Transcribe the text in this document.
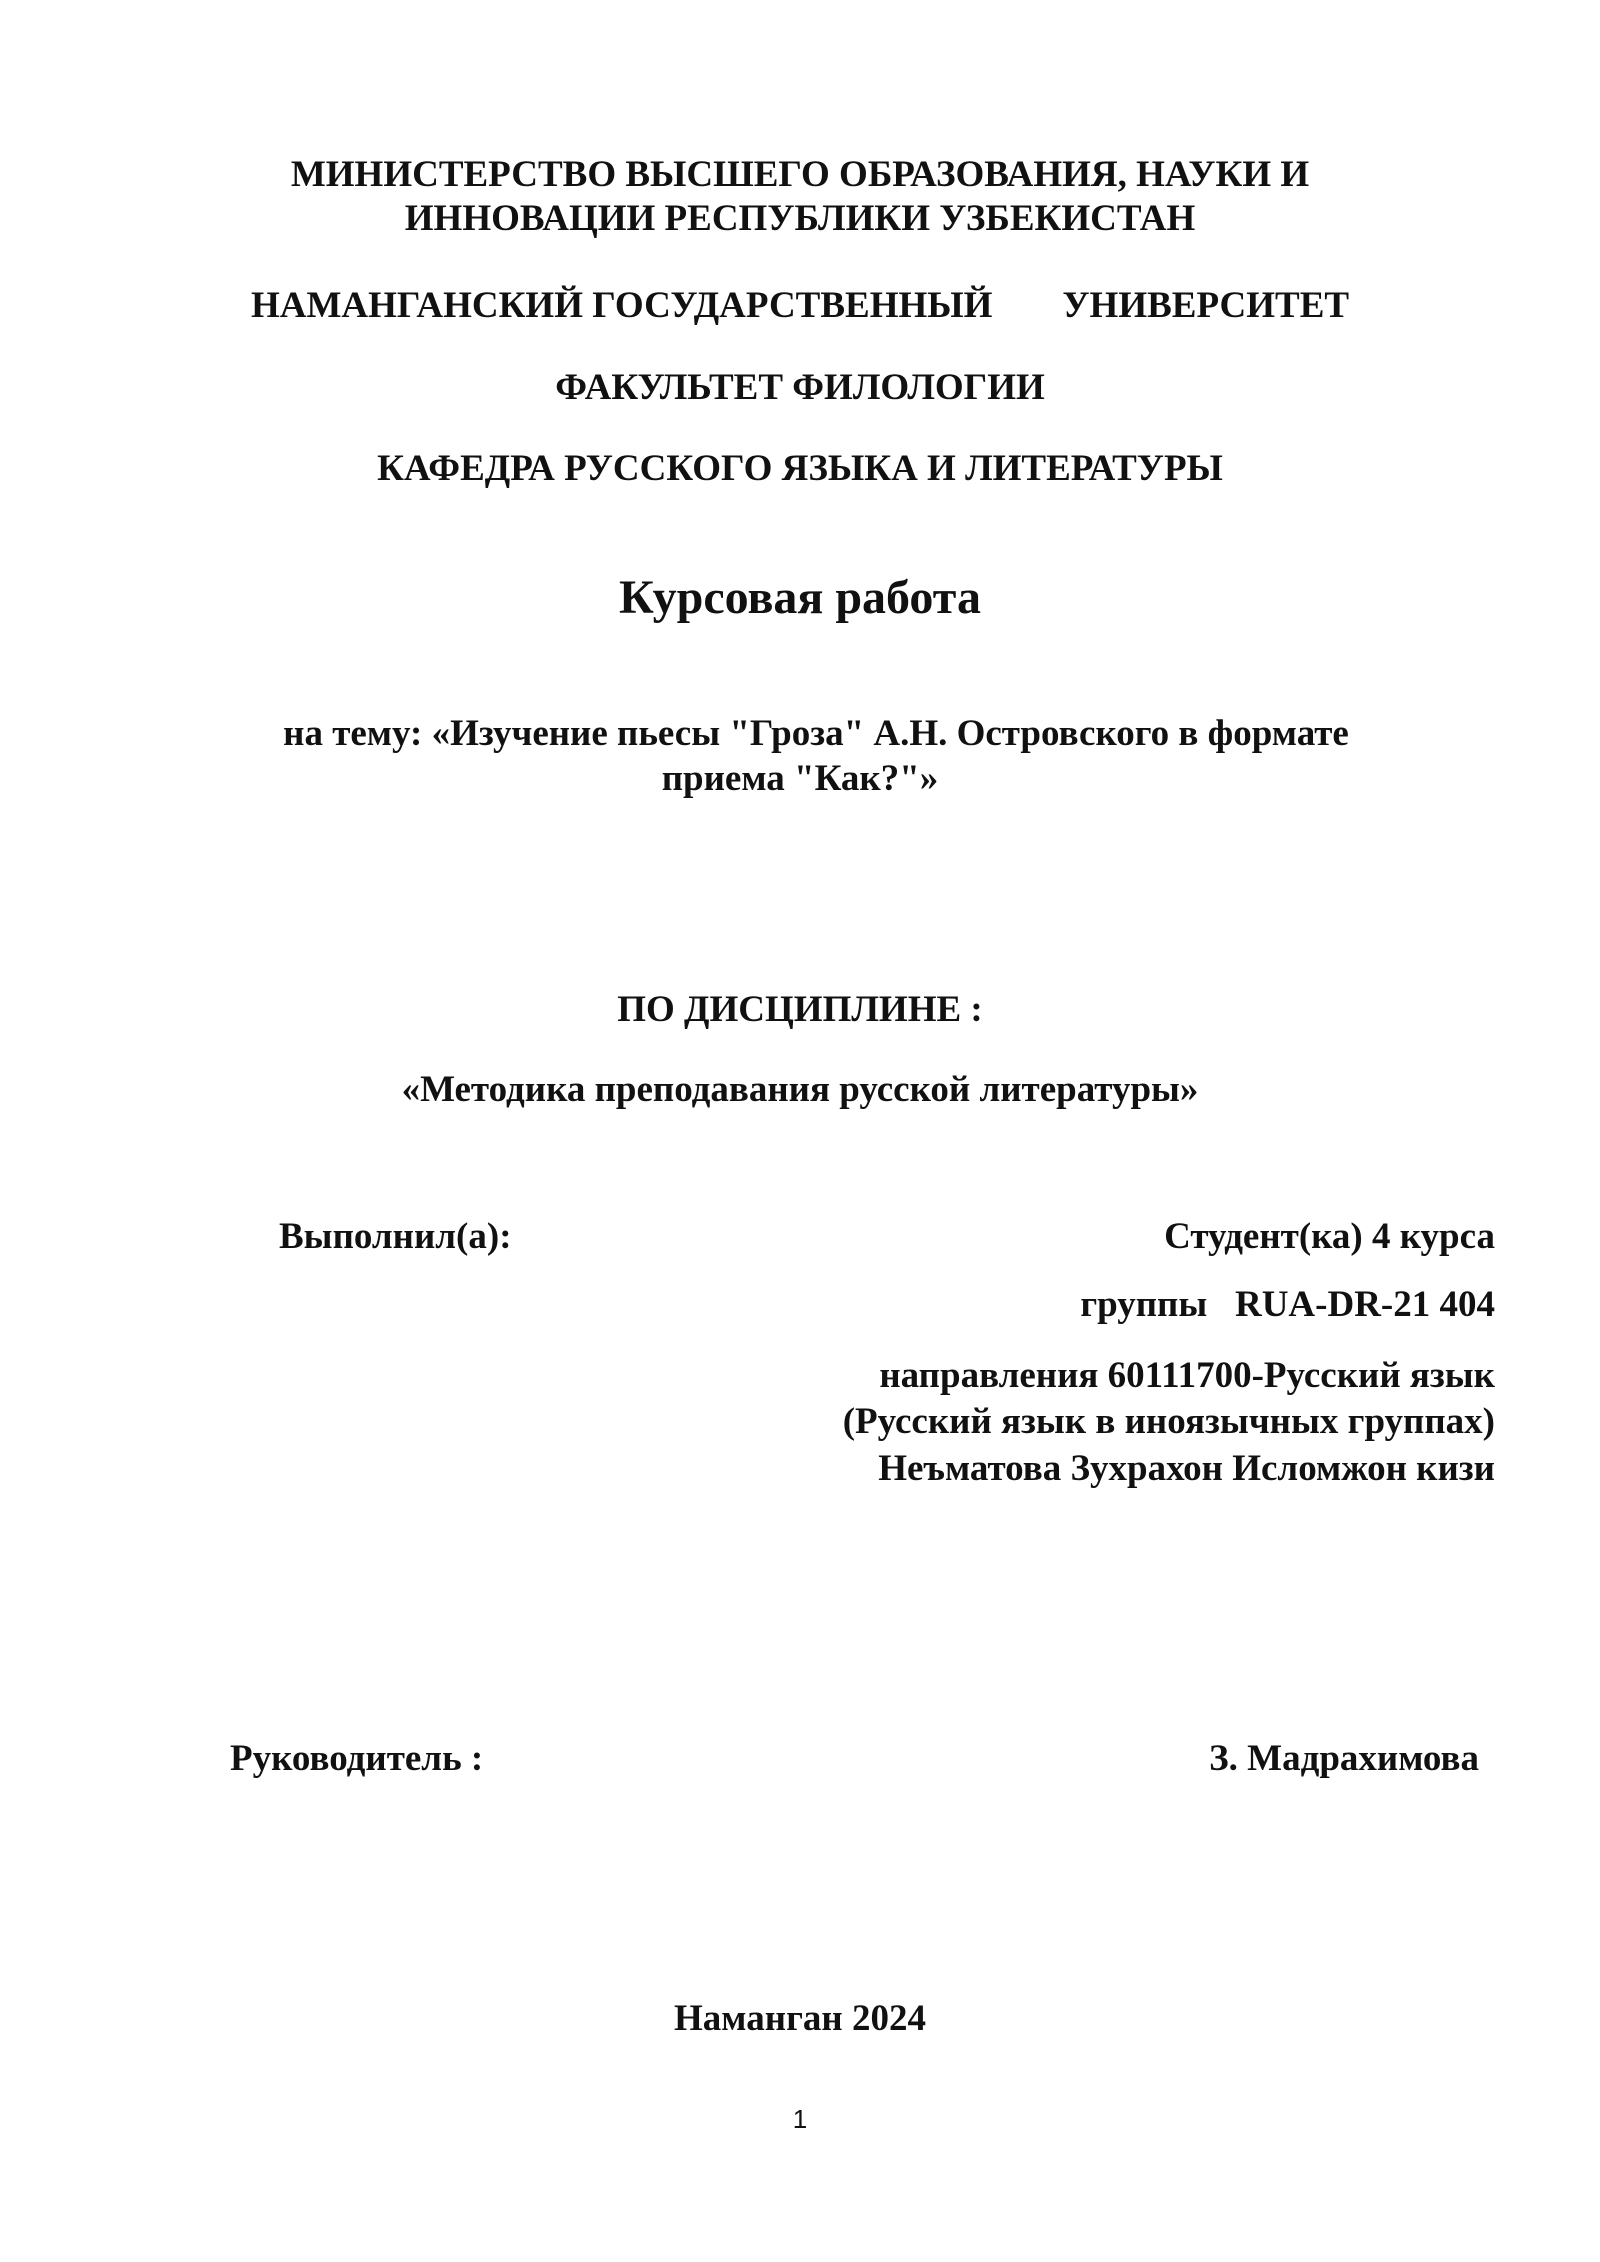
МИНИСТЕРСТВО ВЫСШЕГО ОБРАЗОВАНИЯ, НАУКИ И
ИННОВАЦИИ РЕСПУБЛИКИ УЗБЕКИСТАН
НАМАНГАНСКИЙ ГОСУДАРСТВЕННЫЙ УНИВЕРСИТЕТ
ФАКУЛЬТЕТ ФИЛОЛОГИИ
КАФЕДРА РУССКОГО ЯЗЫКА И ЛИТЕРАТУРЫ
Курсовая работа
на тему: «Изучение пьесы "Гроза" А.Н. Островского в формате
приема "Как?"»
ПО ДИСЦИПЛИНЕ :
«Методика преподавания русской литературы»
Выполнил(а):	Студент(ка) 4 курса
группы   RUA-DR-21 404
направления 60111700-Русский язык
(Русский язык в иноязычных группах)
Неъматова Зухрахон Исломжон кизи
Руководитель :	З. Мадрахимова
Наманган 2024
1
